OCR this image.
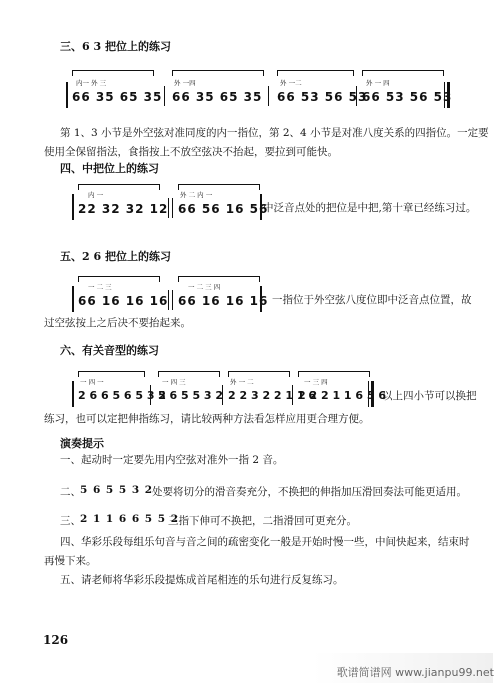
三、6 3 把位上的练习
内一 外 三	外 一四	外 一二	外 一 四
66 35 65 35 66 35 65 35 66 53 56 53
66 53 56 53
第 1、3 小节是外空弦对准同度的内一指位，第 2、4 小节是对准八度关系的四指位。一定要
使用全保留指法，食指按上不放空弦决不抬起，要拉到可能快。
四、中把位上的练习
内 一	外 二 内 一
22 32 32 12 66 56 16 56
中泛音点处的把位是中把,第十章已经练习过。
五、2 6 把位上的练习
一 二 三	一 二 三 四
66 16 16 16 66 16 16 16 一指位于外空弦八度位即中泛音点位置，故
过空弦按上之后决不要抬起来。
六、有关音型的练习
一 四 一	一 四 三	外 一 二	一 三 四
2 6 6 5 6 5 3 2
5 6 5 5 3 2 2 2 3 2 2 1 1 6
2 2 2 1 1 6 5 6
以上四小节可以换把
练习，也可以定把伸指练习，请比较两种方法看怎样应用更合理方便。
演奏提示
一、起动时一定要先用内空弦对准外一指 2 音。
二、 5 6 5 5 3 2
处要将切分的滑音奏充分，不换把的伸指加压滑回奏法可能更适用。
三、 2 1 1 6 6 5 5 2
三指下伸可不换把，二指滑回可更充分。
四、华彩乐段每组乐句音与音之间的疏密变化一般是开始时慢一些，中间快起来，结束时
再慢下来。
五、请老师将华彩乐段提炼成首尾相连的乐句进行反复练习。
126
歌谱简谱网 www.jianpu99.net
